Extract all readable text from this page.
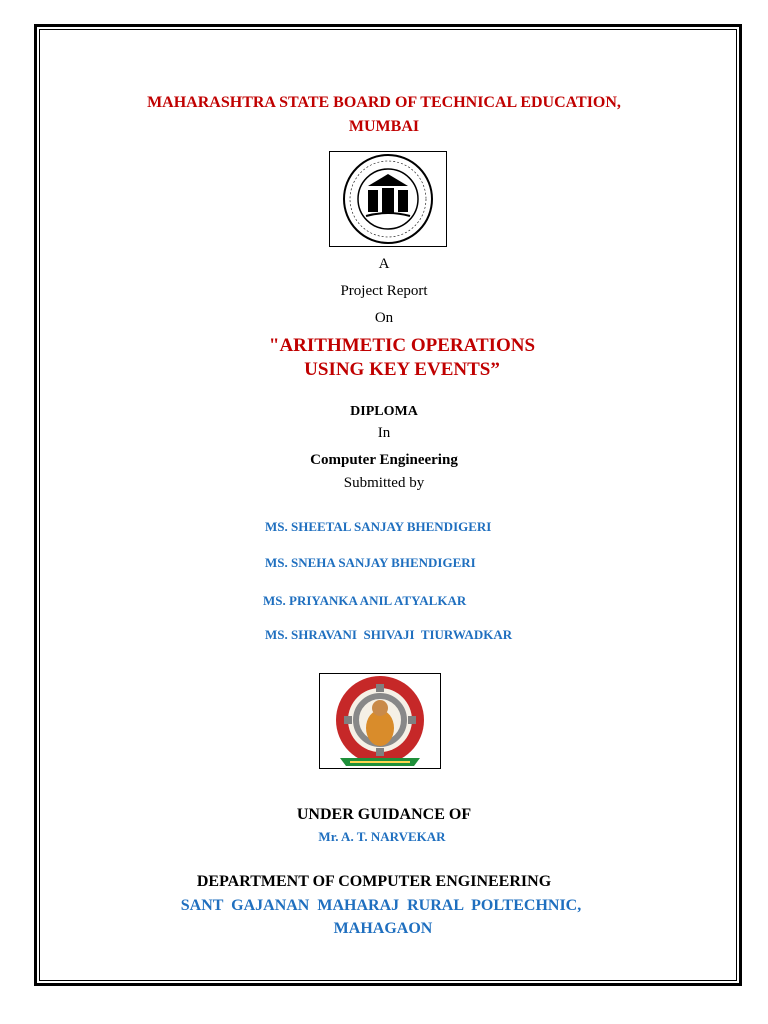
MAHARASHTRA STATE BOARD OF TECHNICAL EDUCATION,
MUMBAI
A
Project Report
On
"ARITHMETIC OPERATIONS
USING KEY EVENTS”
DIPLOMA
In
Computer Engineering
Submitted by
MS. SHEETAL SANJAY BHENDIGERI
MS. SNEHA SANJAY BHENDIGERI
MS. PRIYANKA ANIL ATYALKAR
MS. SHRAVANI  SHIVAJI  TIURWADKAR
UNDER GUIDANCE OF
Mr. A. T. NARVEKAR
DEPARTMENT OF COMPUTER ENGINEERING
SANT  GAJANAN  MAHARAJ  RURAL  POLTECHNIC,
MAHAGAON
